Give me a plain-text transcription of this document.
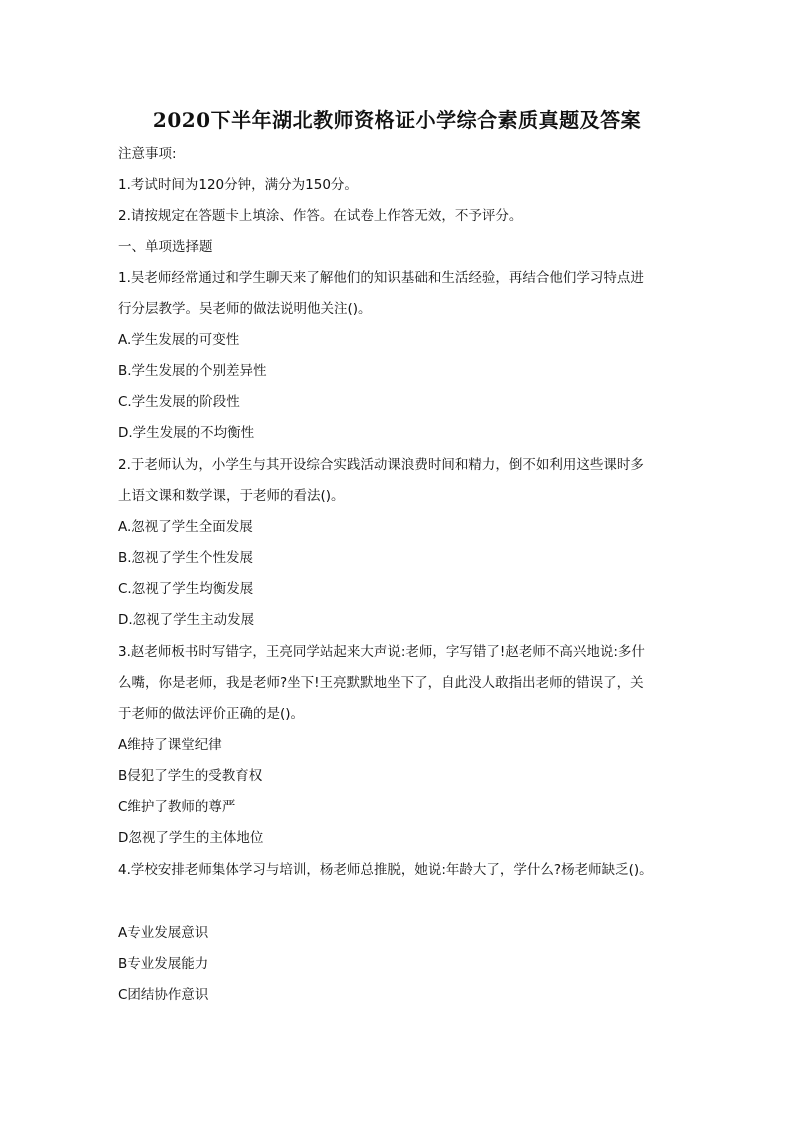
2020下半年湖北教师资格证小学综合素质真题及答案
注意事项:
1.考试时间为120分钟，满分为150分。
2.请按规定在答题卡上填涂、作答。在试卷上作答无效，不予评分。
一、单项选择题
1.吴老师经常通过和学生聊天来了解他们的知识基础和生活经验，再结合他们学习特点进
行分层教学。吴老师的做法说明他关注()。
A.学生发展的可变性
B.学生发展的个别差异性
C.学生发展的阶段性
D.学生发展的不均衡性
2.于老师认为，小学生与其开设综合实践活动课浪费时间和精力，倒不如利用这些课时多
上语文课和数学课，于老师的看法()。
A.忽视了学生全面发展
B.忽视了学生个性发展
C.忽视了学生均衡发展
D.忽视了学生主动发展
3.赵老师板书时写错字，王亮同学站起来大声说:老师，字写错了!赵老师不高兴地说:多什
么嘴，你是老师，我是老师?坐下!王亮默默地坐下了，自此没人敢指出老师的错误了，关
于老师的做法评价正确的是()。
A维持了课堂纪律
B侵犯了学生的受教育权
C维护了教师的尊严
D忽视了学生的主体地位
4.学校安排老师集体学习与培训，杨老师总推脱，她说:年龄大了，学什么?杨老师缺乏()。
A专业发展意识
B专业发展能力
C团结协作意识
